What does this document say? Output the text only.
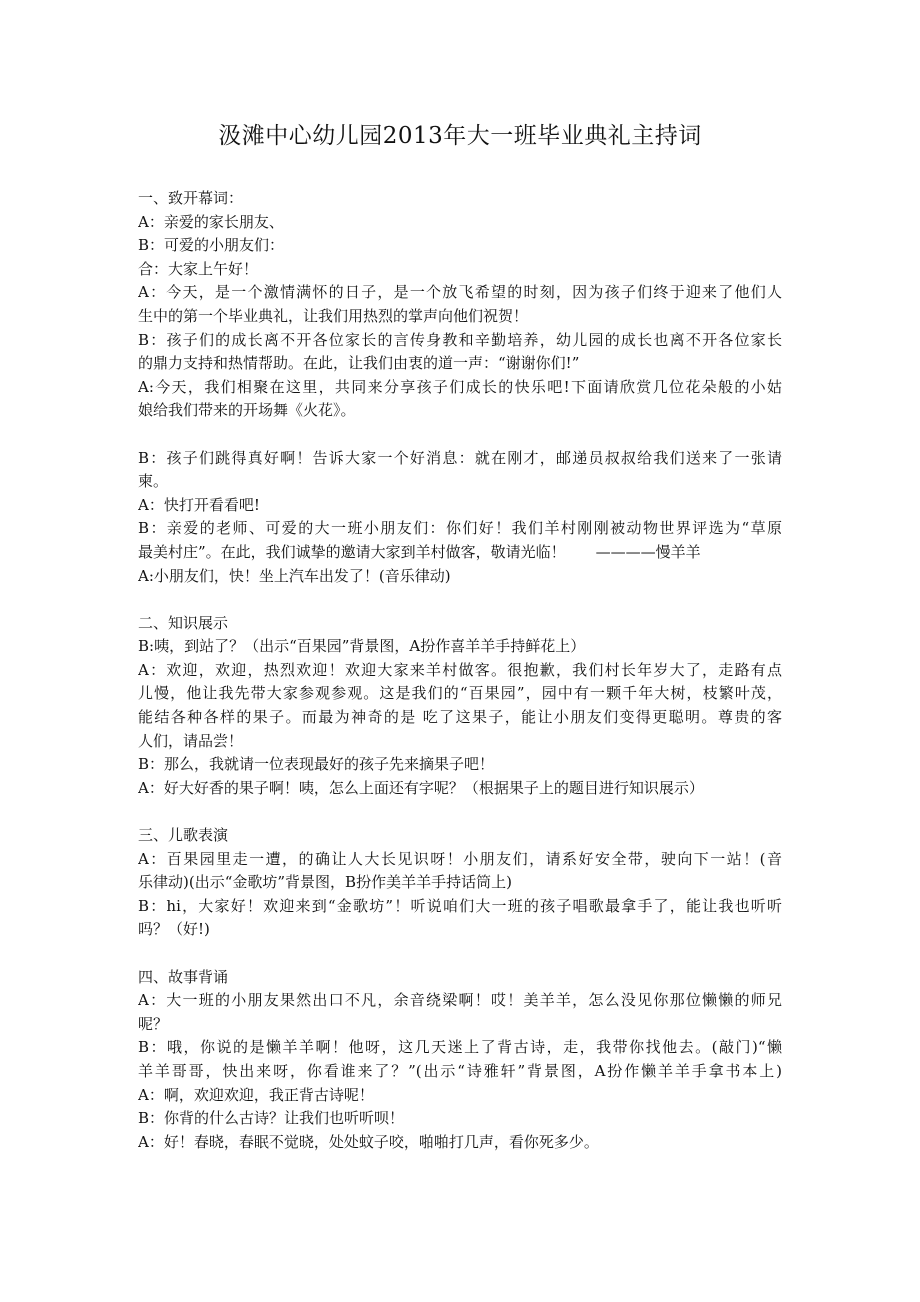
汲滩中心幼儿园2013年大一班毕业典礼主持词
一、致开幕词：
A：亲爱的家长朋友、
B：可爱的小朋友们：
合：大家上午好！
A：今天，是一个激情满怀的日子，是一个放飞希望的时刻，因为孩子们终于迎来了他们人
生中的第一个毕业典礼，让我们用热烈的掌声向他们祝贺！
B：孩子们的成长离不开各位家长的言传身教和辛勤培养，幼儿园的成长也离不开各位家长
的鼎力支持和热情帮助。在此，让我们由衷的道一声：“谢谢你们!”
A:今天，我们相聚在这里，共同来分享孩子们成长的快乐吧!下面请欣赏几位花朵般的小姑
娘给我们带来的开场舞《火花》。
B：孩子们跳得真好啊！告诉大家一个好消息：就在刚才，邮递员叔叔给我们送来了一张请
柬。
A：快打开看看吧!
B：亲爱的老师、可爱的大一班小朋友们：你们好！我们羊村刚刚被动物世界评选为“草原
最美村庄”。在此，我们诚挚的邀请大家到羊村做客，敬请光临！　　————慢羊羊
A:小朋友们，快！坐上汽车出发了！(音乐律动)
二、知识展示
B:咦，到站了？（出示“百果园”背景图，A扮作喜羊羊手持鲜花上）
A：欢迎，欢迎，热烈欢迎！欢迎大家来羊村做客。很抱歉，我们村长年岁大了，走路有点
儿慢，他让我先带大家参观参观。这是我们的“百果园”，园中有一颗千年大树，枝繁叶茂，
能结各种各样的果子。而最为神奇的是 吃了这果子，能让小朋友们变得更聪明。尊贵的客
人们，请品尝！
B：那么，我就请一位表现最好的孩子先来摘果子吧！
A：好大好香的果子啊！咦，怎么上面还有字呢？（根据果子上的题目进行知识展示）
三、儿歌表演
A：百果园里走一遭，的确让人大长见识呀！小朋友们，请系好安全带，驶向下一站！(音
乐律动)(出示“金歌坊”背景图，B扮作美羊羊手持话筒上)
B：hi，大家好！欢迎来到“金歌坊”！听说咱们大一班的孩子唱歌最拿手了，能让我也听听
吗？（好!)
四、故事背诵
A：大一班的小朋友果然出口不凡，余音绕梁啊！哎！美羊羊，怎么没见你那位懒懒的师兄
呢？
B：哦，你说的是懒羊羊啊！他呀，这几天迷上了背古诗，走，我带你找他去。(敲门)“懒
羊羊哥哥，快出来呀，你看谁来了？”(出示“诗雅轩”背景图，A扮作懒羊羊手拿书本上)
A：啊，欢迎欢迎，我正背古诗呢！
B：你背的什么古诗？让我们也听听呗！
A：好！春晓，春眠不觉晓，处处蚊子咬，啪啪打几声，看你死多少。
